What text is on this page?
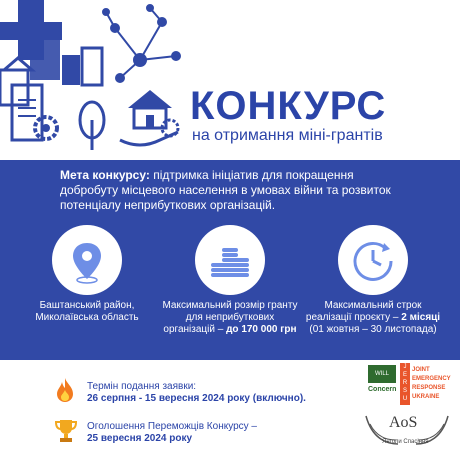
КОНКУРС
на отримання міні-грантів
Мета конкурсу: підтримка ініціатив для покращення добробуту місцевого населення в умовах війни та розвиток потенціалу неприбуткових організацій.
Баштанський район,
Миколаївська область
Максимальний розмір гранту для неприбуткових
організацій – до 170 000 грн
Максимальний строк реалізації проєкту – 2 місяці
(01 жовтня – 30 листопада)
Термін подання заявки:
26 серпня - 15 вересня 2024 року (включно).
Оголошення Переможців Конкурсу –
25 вересня 2024 року
WILL
Concern
J
E
R
S
U
JOINT
EMERGENCY
RESPONSE
UKRAINE
AoS
Янголи Спасіння
